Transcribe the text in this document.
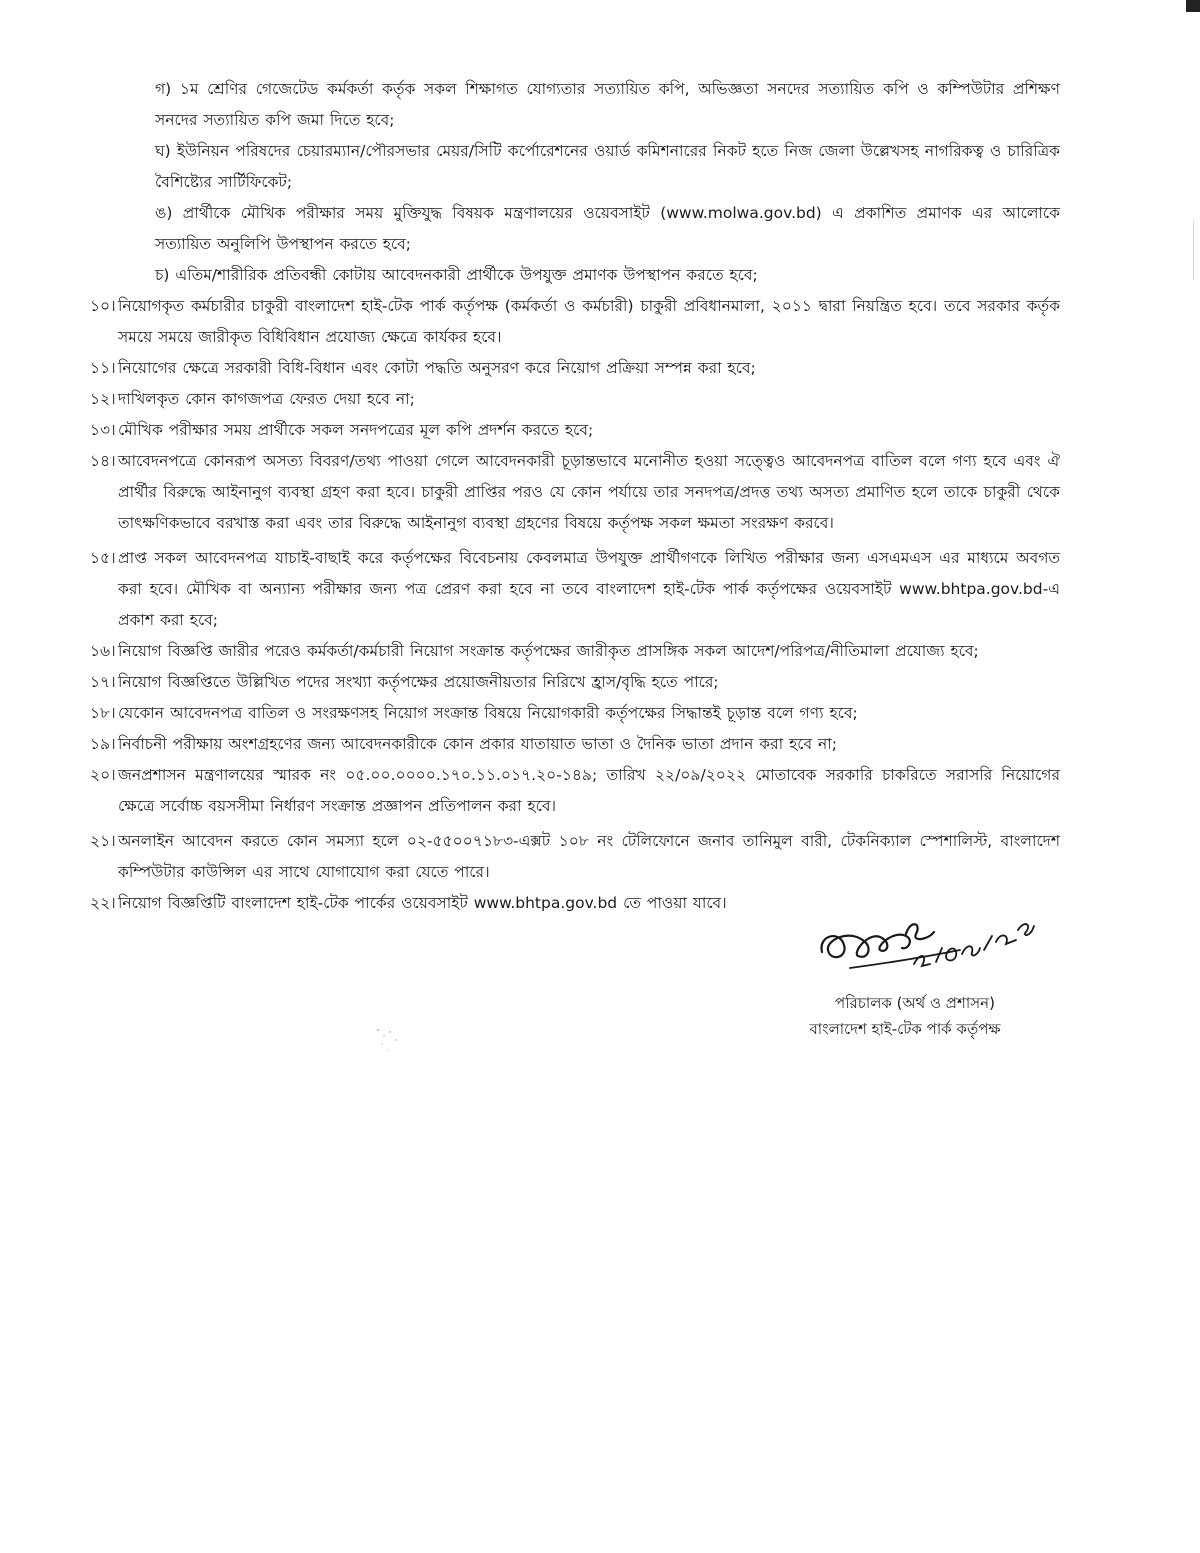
গ) ১ম শ্রেণির গেজেটেড কর্মকর্তা কর্তৃক সকল শিক্ষাগত যোগ্যতার সত্যায়িত কপি, অভিজ্ঞতা সনদের সত্যায়িত কপি ও কম্পিউটার প্রশিক্ষণ সনদের সত্যায়িত কপি জমা দিতে হবে;
ঘ) ইউনিয়ন পরিষদের চেয়ারম্যান/পৌরসভার মেয়র/সিটি কর্পোরেশনের ওয়ার্ড কমিশনারের নিকট হতে নিজ জেলা উল্লেখসহ নাগরিকত্ব ও চারিত্রিক বৈশিষ্ট্যের সার্টিফিকেট;
ঙ) প্রার্থীকে মৌখিক পরীক্ষার সময় মুক্তিযুদ্ধ বিষয়ক মন্ত্রণালয়ের ওয়েবসাইট (www.molwa.gov.bd) এ প্রকাশিত প্রমাণক এর আলোকে সত্যায়িত অনুলিপি উপস্থাপন করতে হবে;
চ) এতিম/শারীরিক প্রতিবন্ধী কোটায় আবেদনকারী প্রার্থীকে উপযুক্ত প্রমাণক উপস্থাপন করতে হবে;
১০। নিয়োগকৃত কর্মচারীর চাকুরী বাংলাদেশ হাই-টেক পার্ক কর্তৃপক্ষ (কর্মকর্তা ও কর্মচারী) চাকুরী প্রবিধানমালা, ২০১১ দ্বারা নিয়ন্ত্রিত হবে। তবে সরকার কর্তৃক সময়ে সময়ে জারীকৃত বিধিবিধান প্রযোজ্য ক্ষেত্রে কার্যকর হবে।
১১। নিয়োগের ক্ষেত্রে সরকারী বিধি-বিধান এবং কোটা পদ্ধতি অনুসরণ করে নিয়োগ প্রক্রিয়া সম্পন্ন করা হবে;
১২। দাখিলকৃত কোন কাগজপত্র ফেরত দেয়া হবে না;
১৩। মৌখিক পরীক্ষার সময় প্রার্থীকে সকল সনদপত্রের মূল কপি প্রদর্শন করতে হবে;
১৪। আবেদনপত্রে কোনরূপ অসত্য বিবরণ/তথ্য পাওয়া গেলে আবেদনকারী চূড়ান্তভাবে মনোনীত হওয়া সত্ত্বেও আবেদনপত্র বাতিল বলে গণ্য হবে এবং ঐ প্রার্থীর বিরুদ্ধে আইনানুগ ব্যবস্থা গ্রহণ করা হবে। চাকুরী প্রাপ্তির পরও যে কোন পর্যায়ে তার সনদপত্র/প্রদত্ত তথ্য অসত্য প্রমাণিত হলে তাকে চাকুরী থেকে তাৎক্ষণিকভাবে বরখাস্ত করা এবং তার বিরুদ্ধে আইনানুগ ব্যবস্থা গ্রহণের বিষয়ে কর্তৃপক্ষ সকল ক্ষমতা সংরক্ষণ করবে।
১৫। প্রাপ্ত সকল আবেদনপত্র যাচাই-বাছাই করে কর্তৃপক্ষের বিবেচনায় কেবলমাত্র উপযুক্ত প্রার্থীগণকে লিখিত পরীক্ষার জন্য এসএমএস এর মাধ্যমে অবগত করা হবে। মৌখিক বা অন্যান্য পরীক্ষার জন্য পত্র প্রেরণ করা হবে না তবে বাংলাদেশ হাই-টেক পার্ক কর্তৃপক্ষের ওয়েবসাইট www.bhtpa.gov.bd-এ প্রকাশ করা হবে;
১৬। নিয়োগ বিজ্ঞপ্তি জারীর পরেও কর্মকর্তা/কর্মচারী নিয়োগ সংক্রান্ত কর্তৃপক্ষের জারীকৃত প্রাসঙ্গিক সকল আদেশ/পরিপত্র/নীতিমালা প্রযোজ্য হবে;
১৭। নিয়োগ বিজ্ঞপ্তিতে উল্লিখিত পদের সংখ্যা কর্তৃপক্ষের প্রয়োজনীয়তার নিরিখে হ্রাস/বৃদ্ধি হতে পারে;
১৮। যেকোন আবেদনপত্র বাতিল ও সংরক্ষণসহ নিয়োগ সংক্রান্ত বিষয়ে নিয়োগকারী কর্তৃপক্ষের সিদ্ধান্তই চূড়ান্ত বলে গণ্য হবে;
১৯। নির্বাচনী পরীক্ষায় অংশগ্রহণের জন্য আবেদনকারীকে কোন প্রকার যাতায়াত ভাতা ও দৈনিক ভাতা প্রদান করা হবে না;
২০। জনপ্রশাসন মন্ত্রণালয়ের স্মারক নং ০৫.০০.০০০০.১৭০.১১.০১৭.২০-১৪৯; তারিখ ২২/০৯/২০২২ মোতাবেক সরকারি চাকরিতে সরাসরি নিয়োগের ক্ষেত্রে সর্বোচ্চ বয়সসীমা নির্ধারণ সংক্রান্ত প্রজ্ঞাপন প্রতিপালন করা হবে।
২১। অনলাইন আবেদন করতে কোন সমস্যা হলে ০২-৫৫০০৭১৮৩-এক্সট ১০৮ নং টেলিফোনে জনাব তানিমুল বারী, টেকনিক্যাল স্পেশালিস্ট, বাংলাদেশ কম্পিউটার কাউন্সিল এর সাথে যোগাযোগ করা যেতে পারে।
২২। নিয়োগ বিজ্ঞপ্তিটি বাংলাদেশ হাই-টেক পার্কের ওয়েবসাইট www.bhtpa.gov.bd তে পাওয়া যাবে।
পরিচালক (অর্থ ও প্রশাসন)
বাংলাদেশ হাই-টেক পার্ক কর্তৃপক্ষ
